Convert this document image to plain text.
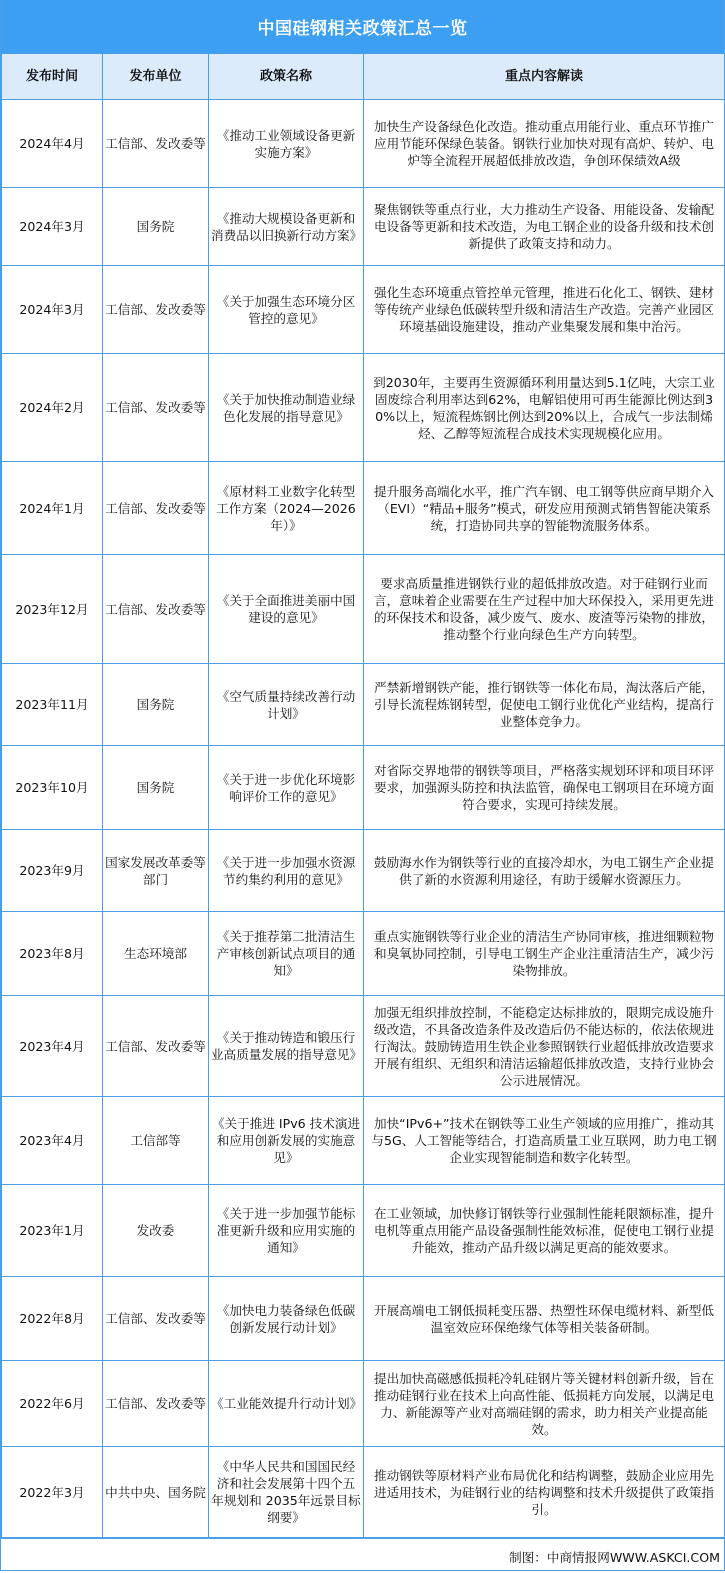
中国硅钢相关政策汇总一览
发布时间	发布单位	政策名称	重点内容解读
2024年4月	工信部、发改委等	《推动工业领域设备更新实施方案》	加快生产设备绿色化改造。推动重点用能行业、重点环节推广应用节能环保绿色装备。钢铁行业加快对现有高炉、转炉、电炉等全流程开展超低排放改造，争创环保绩效A级
2024年3月	国务院	《推动大规模设备更新和消费品以旧换新行动方案》	聚焦钢铁等重点行业，大力推动生产设备、用能设备、发输配电设备等更新和技术改造，为电工钢企业的设备升级和技术创新提供了政策支持和动力。
2024年3月	工信部、发改委等	《关于加强生态环境分区管控的意见》	强化生态环境重点管控单元管理，推进石化化工、钢铁、建材等传统产业绿色低碳转型升级和清洁生产改造。完善产业园区环境基础设施建设，推动产业集聚发展和集中治污。
2024年2月	工信部、发改委等	《关于加快推动制造业绿色化发展的指导意见》	到2030年，主要再生资源循环利用量达到5.1亿吨，大宗工业固废综合利用率达到62%，电解铝使用可再生能源比例达到30%以上，短流程炼钢比例达到20%以上，合成气一步法制烯烃、乙醇等短流程合成技术实现规模化应用。
2024年1月	工信部、发改委等	《原材料工业数字化转型工作方案（2024—2026年）》	提升服务高端化水平，推广汽车钢、电工钢等供应商早期介入（EVI）“精品+服务”模式，研发应用预测式销售智能决策系统，打造协同共享的智能物流服务体系。
2023年12月	工信部、发改委等	《关于全面推进美丽中国建设的意见》	要求高质量推进钢铁行业的超低排放改造。对于硅钢行业而言，意味着企业需要在生产过程中加大环保投入，采用更先进的环保技术和设备，减少废气、废水、废渣等污染物的排放，推动整个行业向绿色生产方向转型。
2023年11月	国务院	《空气质量持续改善行动计划》	严禁新增钢铁产能，推行钢铁等一体化布局，淘汰落后产能，引导长流程炼钢转型，促使电工钢行业优化产业结构，提高行业整体竞争力。
2023年10月	国务院	《关于进一步优化环境影响评价工作的意见》	对省际交界地带的钢铁等项目，严格落实规划环评和项目环评要求，加强源头防控和执法监管，确保电工钢项目在环境方面符合要求，实现可持续发展。
2023年9月	国家发展改革委等部门	《关于进一步加强水资源节约集约利用的意见》	鼓励海水作为钢铁等行业的直接冷却水，为电工钢生产企业提供了新的水资源利用途径，有助于缓解水资源压力。
2023年8月	生态环境部	《关于推荐第二批清洁生产审核创新试点项目的通知》	重点实施钢铁等行业企业的清洁生产协同审核，推进细颗粒物和臭氧协同控制，引导电工钢生产企业注重清洁生产，减少污染物排放。
2023年4月	工信部、发改委等	《关于推动铸造和锻压行业高质量发展的指导意见》	加强无组织排放控制，不能稳定达标排放的，限期完成设施升级改造，不具备改造条件及改造后仍不能达标的，依法依规进行淘汰。鼓励铸造用生铁企业参照钢铁行业超低排放改造要求开展有组织、无组织和清洁运输超低排放改造，支持行业协会公示进展情况。
2023年4月	工信部等	《关于推进 IPv6 技术演进和应用创新发展的实施意见》	加快“IPv6+”技术在钢铁等工业生产领域的应用推广，推动其与5G、人工智能等结合，打造高质量工业互联网，助力电工钢企业实现智能制造和数字化转型。
2023年1月	发改委	《关于进一步加强节能标准更新升级和应用实施的通知》	在工业领域，加快修订钢铁等行业强制性能耗限额标准，提升电机等重点用能产品设备强制性能效标准，促使电工钢行业提升能效，推动产品升级以满足更高的能效要求。
2022年8月	工信部、发改委等	《加快电力装备绿色低碳创新发展行动计划》	开展高端电工钢低损耗变压器、热塑性环保电缆材料、新型低温室效应环保绝缘气体等相关装备研制。
2022年6月	工信部、发改委等	《工业能效提升行动计划》	提出加快高磁感低损耗冷轧硅钢片等关键材料创新升级，旨在推动硅钢行业在技术上向高性能、低损耗方向发展，以满足电力、新能源等产业对高端硅钢的需求，助力相关产业提高能效。
2022年3月	中共中央、国务院	《中华人民共和国国民经济和社会发展第十四个五年规划和 2035年远景目标纲要》	推动钢铁等原材料产业布局优化和结构调整，鼓励企业应用先进适用技术，为硅钢行业的结构调整和技术升级提供了政策指引。
制图：中商情报网WWW.ASKCI.COM
